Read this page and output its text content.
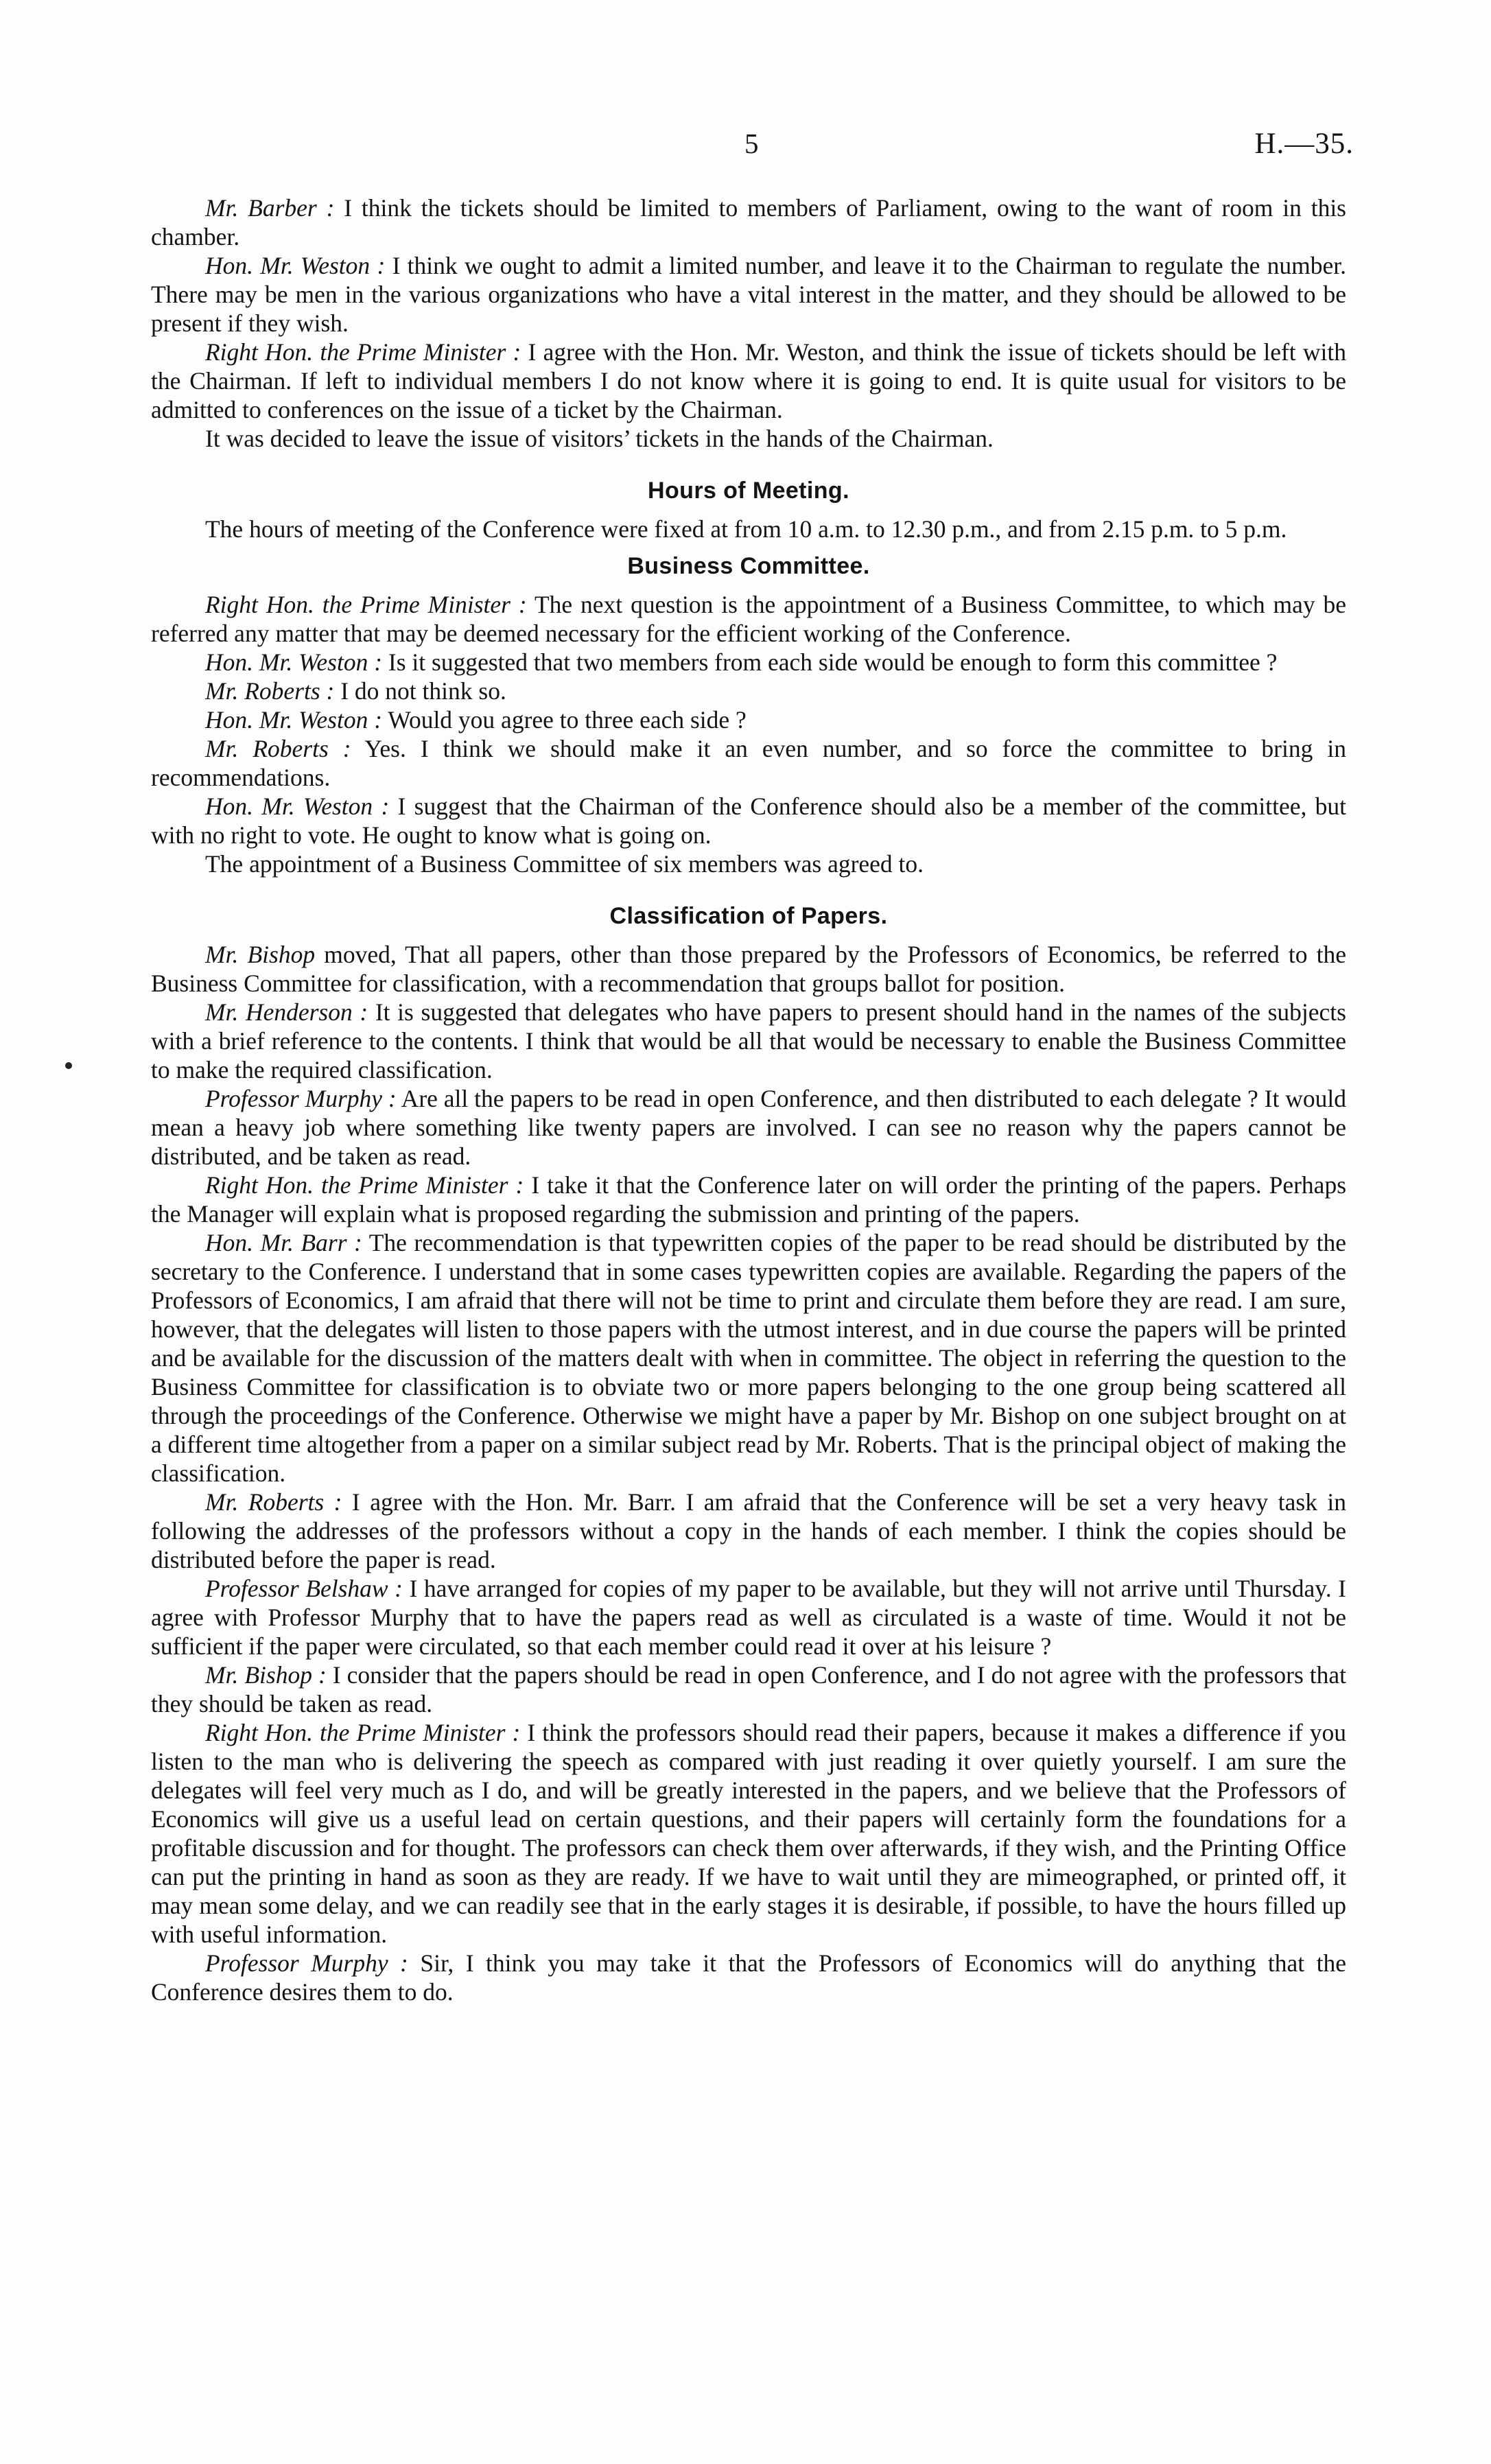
5	H.—35.

Mr. Barber : I think the tickets should be limited to members of Parliament, owing to the want of room in this chamber.

Hon. Mr. Weston : I think we ought to admit a limited number, and leave it to the Chairman to regulate the number. There may be men in the various organizations who have a vital interest in the matter, and they should be allowed to be present if they wish.

Right Hon. the Prime Minister : I agree with the Hon. Mr. Weston, and think the issue of tickets should be left with the Chairman. If left to individual members I do not know where it is going to end. It is quite usual for visitors to be admitted to conferences on the issue of a ticket by the Chairman.

It was decided to leave the issue of visitors’ tickets in the hands of the Chairman.

Hours of Meeting.

The hours of meeting of the Conference were fixed at from 10 a.m. to 12.30 p.m., and from 2.15 p.m. to 5 p.m.

Business Committee.

Right Hon. the Prime Minister : The next question is the appointment of a Business Committee, to which may be referred any matter that may be deemed necessary for the efficient working of the Conference.

Hon. Mr. Weston : Is it suggested that two members from each side would be enough to form this committee ?

Mr. Roberts : I do not think so.

Hon. Mr. Weston : Would you agree to three each side ?

Mr. Roberts : Yes. I think we should make it an even number, and so force the committee to bring in recommendations.

Hon. Mr. Weston : I suggest that the Chairman of the Conference should also be a member of the committee, but with no right to vote. He ought to know what is going on.

The appointment of a Business Committee of six members was agreed to.

Classification of Papers.

Mr. Bishop moved, That all papers, other than those prepared by the Professors of Economics, be referred to the Business Committee for classification, with a recommendation that groups ballot for position.

Mr. Henderson : It is suggested that delegates who have papers to present should hand in the names of the subjects with a brief reference to the contents. I think that would be all that would be necessary to enable the Business Committee to make the required classification.

Professor Murphy : Are all the papers to be read in open Conference, and then distributed to each delegate ? It would mean a heavy job where something like twenty papers are involved. I can see no reason why the papers cannot be distributed, and be taken as read.

Right Hon. the Prime Minister : I take it that the Conference later on will order the printing of the papers. Perhaps the Manager will explain what is proposed regarding the submission and printing of the papers.

Hon. Mr. Barr : The recommendation is that typewritten copies of the paper to be read should be distributed by the secretary to the Conference. I understand that in some cases typewritten copies are available. Regarding the papers of the Professors of Economics, I am afraid that there will not be time to print and circulate them before they are read. I am sure, however, that the delegates will listen to those papers with the utmost interest, and in due course the papers will be printed and be available for the discussion of the matters dealt with when in committee. The object in referring the question to the Business Committee for classification is to obviate two or more papers belonging to the one group being scattered all through the proceedings of the Conference. Otherwise we might have a paper by Mr. Bishop on one subject brought on at a different time altogether from a paper on a similar subject read by Mr. Roberts. That is the principal object of making the classification.

Mr. Roberts : I agree with the Hon. Mr. Barr. I am afraid that the Conference will be set a very heavy task in following the addresses of the professors without a copy in the hands of each member. I think the copies should be distributed before the paper is read.

Professor Belshaw : I have arranged for copies of my paper to be available, but they will not arrive until Thursday. I agree with Professor Murphy that to have the papers read as well as circulated is a waste of time. Would it not be sufficient if the paper were circulated, so that each member could read it over at his leisure ?

Mr. Bishop : I consider that the papers should be read in open Conference, and I do not agree with the professors that they should be taken as read.

Right Hon. the Prime Minister : I think the professors should read their papers, because it makes a difference if you listen to the man who is delivering the speech as compared with just reading it over quietly yourself. I am sure the delegates will feel very much as I do, and will be greatly interested in the papers, and we believe that the Professors of Economics will give us a useful lead on certain questions, and their papers will certainly form the foundations for a profitable discussion and for thought. The professors can check them over afterwards, if they wish, and the Printing Office can put the printing in hand as soon as they are ready. If we have to wait until they are mimeographed, or printed off, it may mean some delay, and we can readily see that in the early stages it is desirable, if possible, to have the hours filled up with useful information.

Professor Murphy : Sir, I think you may take it that the Professors of Economics will do anything that the Conference desires them to do.
